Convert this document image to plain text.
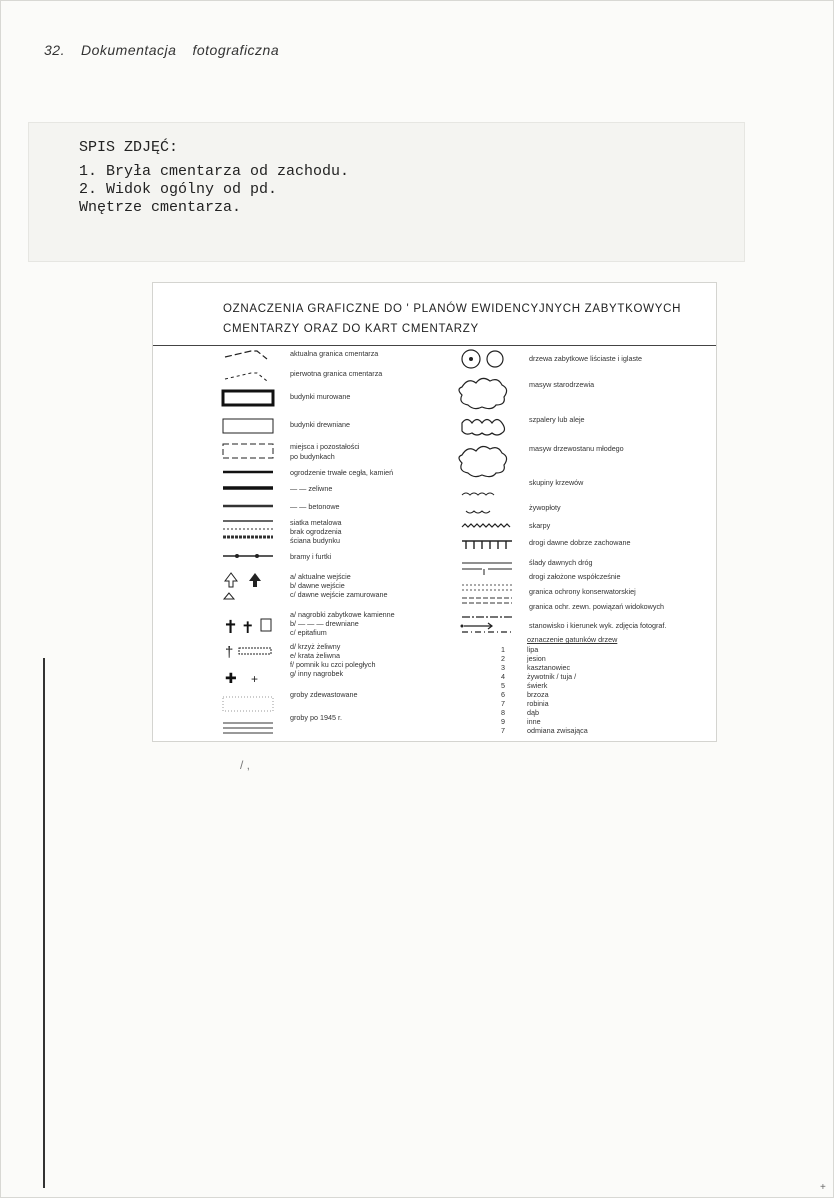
32. Dokumentacja fotograficzna
SPIS ZDJĘĆ:
1. Bryła cmentarza od zachodu.
2. Widok ogólny od pd.
Wnętrze cmentarza.
OZNACZENIA GRAFICZNE DO ' PLANÓW EWIDENCYJNYCH ZABYTKOWYCH
CMENTARZY ORAZ DO KART CMENTARZY
✝ ✝
†
✚ +
aktualna granica cmentarza
pierwotna granica cmentarza
budynki murowane
budynki drewniane
miejsca i pozostałości
po budynkach
ogrodzenie trwałe cegła, kamień
— — zeliwne
— — betonowe
siatka metalowa
brak ogrodzenia
ściana budynku
bramy i furtki
a/ aktualne wejście
b/ dawne wejście
c/ dawne wejście zamurowane
a/ nagrobki zabytkowe kamienne
b/ — — — drewniane
c/ epitafium
d/ krzyż żeliwny
e/ krata żeliwna
f/ pomnik ku czci poległych
g/ inny nagrobek
groby zdewastowane
groby po 1945 r.
drzewa zabytkowe liściaste i iglaste
masyw starodrzewia
szpalery lub aleje
masyw drzewostanu młodego
skupiny krzewów
żywopłoty
skarpy
drogi dawne dobrze zachowane
ślady dawnych dróg
drogi założone współcześnie
granica ochrony konserwatorskiej
granica ochr. zewn. powiązań widokowych
stanowisko i kierunek wyk. zdjęcia fotograf.
oznaczenie gatunków drzew
1	lipa
2	jesion
3	kasztanowiec
4	żywotnik / tuja /
5	świerk
6	brzoza
7	robinia
8	dąb
9	inne
7	odmiana zwisająca
/ ,
+
